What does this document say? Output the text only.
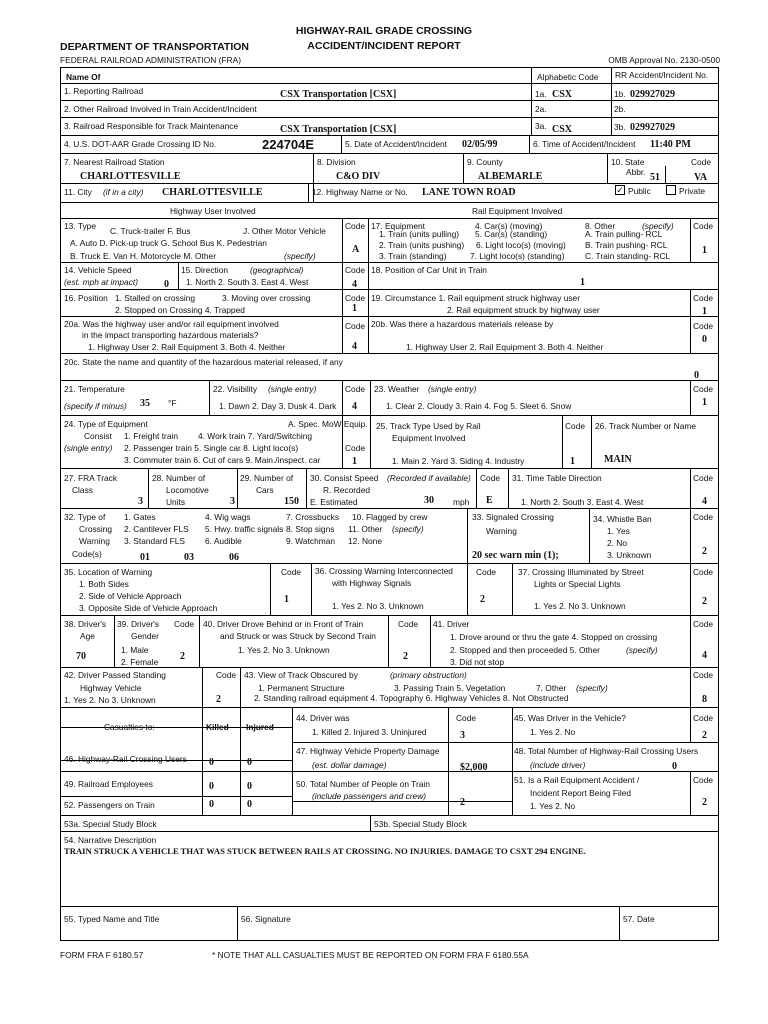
HIGHWAY-RAIL GRADE CROSSING
ACCIDENT/INCIDENT REPORT
DEPARTMENT OF TRANSPORTATION
FEDERAL RAILROAD ADMINISTRATION (FRA)	OMB Approval No. 2130-0500
Name Of	Alphabetic Code RR Accident/Incident No.
1. Reporting Railroad	CSX Transportation [CSX]	1a. CSX	1b. 029927029
2. Other Railroad Involved in Train Accident/Incident	2a.	2b.
3. Railroad Responsible for Track Maintenance	CSX Transportation [CSX]	3a. CSX	3b. 029927029
4. U.S. DOT-AAR Grade Crossing ID No.	224704E	5. Date of Accident/Incident 02/05/99	6. Time of Accident/Incident 11:40 PM
7. Nearest Railroad Station
CHARLOTTESVILLE
8. Division
C&O DIV
9. County
ALBEMARLE
10. State	Code
Abbr. 51	VA
11. City (if in a city) CHARLOTTESVILLE	12. Highway Name or No. LANE TOWN ROAD	✓ Public	Private
Highway User Involved	Rail Equipment Involved
13. Type C. Truck-trailer F. Bus	J. Other Motor Vehicle
A. Auto D. Pick-up truck G. School Bus K. Pedestrian
B. Truck E. Van H. Motorcycle M. Other	(specify)
Code
A
17. Equipment
1. Train (units pulling)
2. Train (units pushing)
3. Train (standing)
4. Car(s) (moving)
5. Car(s) (standing)
6. Light loco(s) (moving)
7. Light loco(s) (standing)
8. Other	(specify)
A. Train pulling- RCL
B. Train pushing- RCL
C. Train standing- RCL
Code
1
14. Vehicle Speed
(est. mph at impact)	0
15. Direction	(geographical)
1. North 2. South 3. East 4. West
Code
4
18. Position of Car Unit in Train
1
16. Position 1. Stalled on crossing	3. Moving over crossing
2. Stopped on Crossing 4. Trapped
Code
1
19. Circumstance 1. Rail equipment struck highway user
2. Rail equipment struck by highway user
Code
1
20a. Was the highway user and/or rail equipment involved
in the impact transporting hazardous materials?
1. Highway User 2. Rail Equipment 3. Both 4. Neither
Code
4
20b. Was there a hazardous materials release by
1. Highway User 2. Rail Equipment 3. Both 4. Neither
Code
0
20c. State the name and quantity of the hazardous material released, if any
0
21. Temperature
(specify if minus) 35 °F
22. Visibility (single entry)
1. Dawn 2. Day 3. Dusk 4. Dark
Code
4
23. Weather (single entry)
1. Clear 2. Cloudy 3. Rain 4. Fog 5. Sleet 6. Snow
Code
1
24. Type of Equipment
Consist
(single entry)
1. Freight train 4. Work train 7. Yard/Switching
2. Passenger train 5. Single car 8. Light loco(s)
3. Commuter train 6. Cut of cars 9. Main./inspect. car
A. Spec. MoW Equip.
Code
1
25. Track Type Used by Rail
Equipment Involved
Code
1. Main 2. Yard 3. Siding 4. Industry	1
26. Track Number or Name
MAIN
27. FRA Track
Class
3
28. Number of
Locomotive
Units	3
29. Number of
Cars
150
30. Consist Speed (Recorded if available) Code
R. Recorded
E. Estimated	30 mph E
31. Time Table Direction
1. North 2. South 3. East 4. West
Code
4
32. Type of
Crossing
Warning
Code(s)
1. Gates
2. Cantilever FLS
3. Standard FLS
4. Wig wags
5. Hwy. traffic signals
6. Audible
7. Crossbucks
8. Stop signs
9. Watchman
10. Flagged by crew
11. Other (specify)
12. None
01	03	06
33. Signaled Crossing
Warning
20 sec warn min (1);
34. Whistle Ban
1. Yes
2. No
3. Unknown
Code
2
35. Location of Warning
1. Both Sides
2. Side of Vehicle Approach
3. Opposite Side of Vehicle Approach
Code
1
36. Crossing Warning Interconnected
with Highway Signals
1. Yes 2. No 3. Unknown
Code
2
37. Crossing Illuminated by Street
Lights or Special Lights
1. Yes 2. No 3. Unknown
Code
2
38. Driver's
Age
70
39. Driver's
Gender
Code
1. Male
2. Female 2
40. Driver Drove Behind or in Front of Train
and Struck or was Struck by Second Train
1. Yes 2. No 3. Unknown
Code
2
41. Driver
1. Drove around or thru the gate 4. Stopped on crossing
2. Stopped and then proceeded 5. Other	(specify)
3. Did not stop
Code
4
42. Driver Passed Standing
Highway Vehicle
1. Yes 2. No 3. Unknown
Code
2
43. View of Track Obscured by	(primary obstruction)
1. Permanent Structure	3. Passing Train 5. Vegetation	7. Other (specify)
2. Standing railroad equipment 4. Topography 6. Highway Vehicles 8. Not Obstructed
Code
8
Casualties to:	Killed Injured
44. Driver was
1. Killed 2. Injured 3. Uninjured
Code
3
45. Was Driver in the Vehicle?
1. Yes 2. No
Code
2
46. Highway-Rail Crossing Users 0	0
47. Highway Vehicle Property Damage
(est. dollar damage)	$2,000
48. Total Number of Highway-Rail Crossing Users
(include driver)	0
49. Railroad Employees	0	0	50. Total Number of People on Train
(include passengers and crew)
2
51. Is a Rail Equipment Accident /
Incident Report Being Filed
1. Yes 2. No
Code
2
52. Passengers on Train	0	0
53a. Special Study Block	53b. Special Study Block
54. Narrative Description
TRAIN STRUCK A VEHICLE THAT WAS STUCK BETWEEN RAILS AT CROSSING. NO INJURIES. DAMAGE TO CSXT 294 ENGINE.
55. Typed Name and Title	56. Signature	57. Date
FORM FRA F 6180.57	* NOTE THAT ALL CASUALTIES MUST BE REPORTED ON FORM FRA F 6180.55A
